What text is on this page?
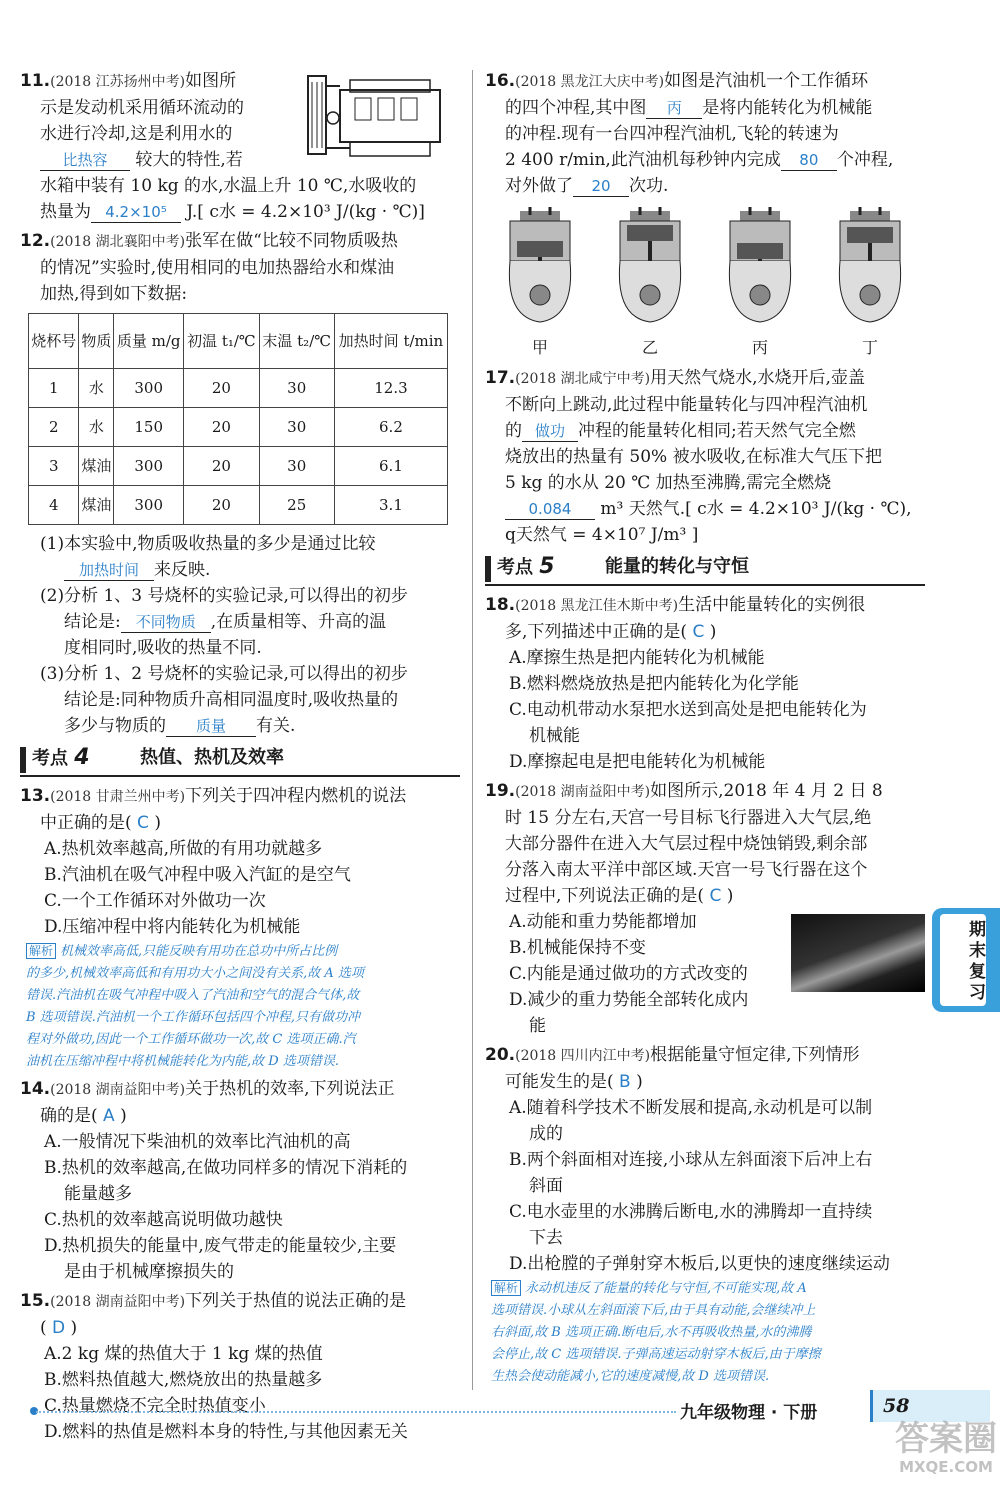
11.(2018 江苏扬州中考)如图所
示是发动机采用循环流动的
水进行冷却,这是利用水的
比热容 较大的特性,若
水箱中装有 10 kg 的水,水温上升 10 ℃,水吸收的
热量为 4.2×10⁵ J.[ c水 = 4.2×10³ J/(kg · ℃)]
12.(2018 湖北襄阳中考)张军在做“比较不同物质吸热
的情况”实验时,使用相同的电加热器给水和煤油
加热,得到如下数据:
烧杯号	物质	质量 m/g	初温 t₁/℃	末温 t₂/℃	加热时间 t/min
1	水	300	20	30	12.3
2	水	150	20	30	6.2
3	煤油	300	20	30	6.1
4	煤油	300	20	25	3.1
(1)本实验中,物质吸收热量的多少是通过比较
加热时间 来反映.
(2)分析 1、3 号烧杯的实验记录,可以得出的初步
结论是: 不同物质 ,在质量相等、升高的温
度相同时,吸收的热量不同.
(3)分析 1、2 号烧杯的实验记录,可以得出的初步
结论是:同种物质升高相同温度时,吸收热量的
多少与物质的 质量 有关.
考点 4	热值、热机及效率
13.(2018 甘肃兰州中考)下列关于四冲程内燃机的说法
中正确的是( C )
A.热机效率越高,所做的有用功就越多
B.汽油机在吸气冲程中吸入汽缸的是空气
C.一个工作循环对外做功一次
D.压缩冲程中将内能转化为机械能
解析 机械效率高低,只能反映有用功在总功中所占比例
的多少,机械效率高低和有用功大小之间没有关系,故 A 选项
错误.汽油机在吸气冲程中吸入了汽油和空气的混合气体,故
B 选项错误.汽油机一个工作循环包括四个冲程,只有做功冲
程对外做功,因此一个工作循环做功一次,故 C 选项正确.汽
油机在压缩冲程中将机械能转化为内能,故 D 选项错误.
14.(2018 湖南益阳中考)关于热机的效率,下列说法正
确的是( A )
A.一般情况下柴油机的效率比汽油机的高
B.热机的效率越高,在做功同样多的情况下消耗的
能量越多
C.热机的效率越高说明做功越快
D.热机损失的能量中,废气带走的能量较少,主要
是由于机械摩擦损失的
15.(2018 湖南益阳中考)下列关于热值的说法正确的是
( D )
A.2 kg 煤的热值大于 1 kg 煤的热值
B.燃料热值越大,燃烧放出的热量越多
C.热量燃烧不完全时热值变小
D.燃料的热值是燃料本身的特性,与其他因素无关
16.(2018 黑龙江大庆中考)如图是汽油机一个工作循环
的四个冲程,其中图 丙 是将内能转化为机械能
的冲程.现有一台四冲程汽油机,飞轮的转速为
2 400 r/min,此汽油机每秒钟内完成 80 个冲程,
对外做了 20 次功.
甲	乙	丙	丁
17.(2018 湖北咸宁中考)用天然气烧水,水烧开后,壶盖
不断向上跳动,此过程中能量转化与四冲程汽油机
的 做功 冲程的能量转化相同;若天然气完全燃
烧放出的热量有 50% 被水吸收,在标准大气压下把
5 kg 的水从 20 ℃ 加热至沸腾,需完全燃烧
0.084 m³ 天然气.[ c水 = 4.2×10³ J/(kg · ℃),
q天然气 = 4×10⁷ J/m³ ]
考点 5	能量的转化与守恒
18.(2018 黑龙江佳木斯中考)生活中能量转化的实例很
多,下列描述中正确的是( C )
A.摩擦生热是把内能转化为机械能
B.燃料燃烧放热是把内能转化为化学能
C.电动机带动水泵把水送到高处是把电能转化为
机械能
D.摩擦起电是把电能转化为机械能
19.(2018 湖南益阳中考)如图所示,2018 年 4 月 2 日 8
时 15 分左右,天宫一号目标飞行器进入大气层,绝
大部分器件在进入大气层过程中烧蚀销毁,剩余部
分落入南太平洋中部区域.天宫一号飞行器在这个
过程中,下列说法正确的是( C )
A.动能和重力势能都增加
B.机械能保持不变
C.内能是通过做功的方式改变的
D.减少的重力势能全部转化成内
能
20.(2018 四川内江中考)根据能量守恒定律,下列情形
可能发生的是( B )
A.随着科学技术不断发展和提高,永动机是可以制
成的
B.两个斜面相对连接,小球从左斜面滚下后冲上右
斜面
C.电水壶里的水沸腾后断电,水的沸腾却一直持续
下去
D.出枪膛的子弹射穿木板后,以更快的速度继续运动
解析 永动机违反了能量的转化与守恒,不可能实现,故 A
选项错误.小球从左斜面滚下后,由于具有动能,会继续冲上
右斜面,故 B 选项正确.断电后,水不再吸收热量,水的沸腾
会停止,故 C 选项错误.子弹高速运动射穿木板后,由于摩擦
生热会使动能减小,它的速度减慢,故 D 选项错误.
期末复习
九年级物理 · 下册	58
答案圈
MXQE.COM
